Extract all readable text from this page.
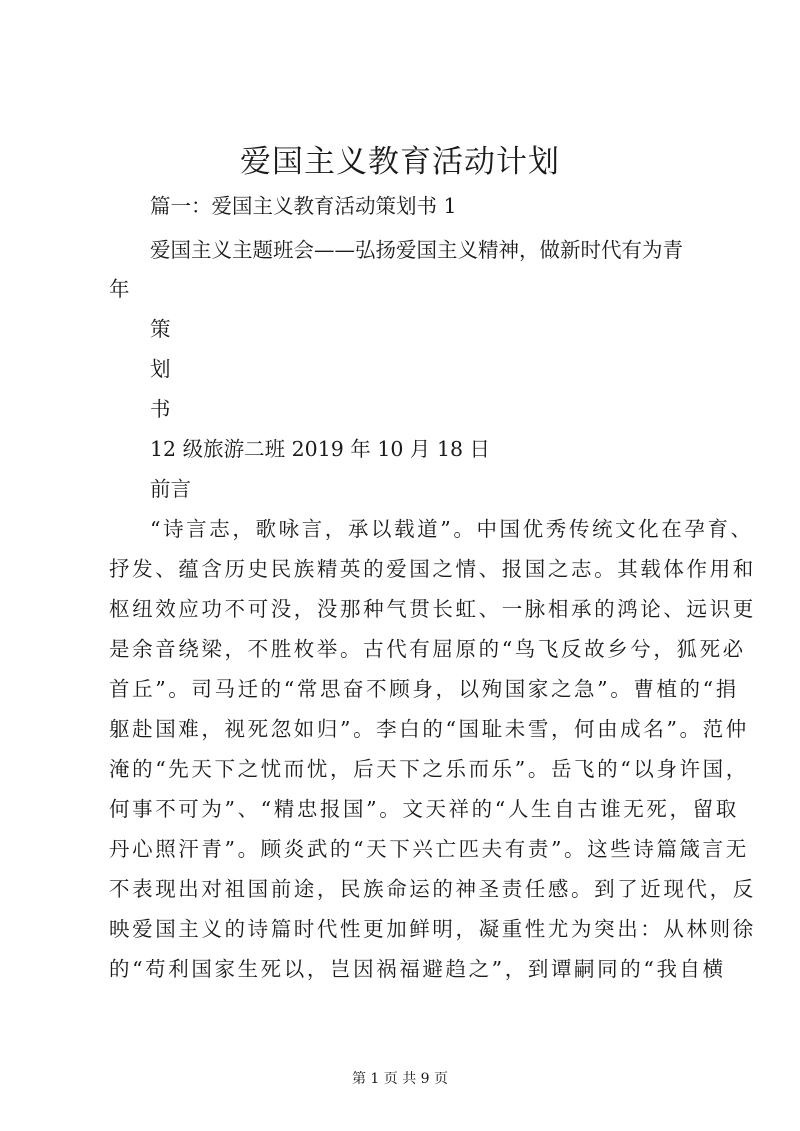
爱国主义教育活动计划

篇一：爱国主义教育活动策划书 1

爱国主义主题班会——弘扬爱国主义精神，做新时代有为青

年

策

划

书

12 级旅游二班 2019 年 10 月 18 日

前言

“诗言志，歌咏言，承以载道”。中国优秀传统文化在孕育、

抒发、蕴含历史民族精英的爱国之情、报国之志。其载体作用和

枢纽效应功不可没，没那种气贯长虹、一脉相承的鸿论、远识更

是余音绕梁，不胜枚举。古代有屈原的“鸟飞反故乡兮，狐死必

首丘”。司马迁的“常思奋不顾身，以殉国家之急”。曹植的“捐

躯赴国难，视死忽如归”。李白的“国耻未雪，何由成名”。范仲

淹的“先天下之忧而忧，后天下之乐而乐”。岳飞的“以身许国，

何事不可为”、“精忠报国”。文天祥的“人生自古谁无死，留取

丹心照汗青”。顾炎武的“天下兴亡匹夫有责”。这些诗篇箴言无

不表现出对祖国前途，民族命运的神圣责任感。到了近现代，反

映爱国主义的诗篇时代性更加鲜明，凝重性尤为突出：从林则徐

的“苟利国家生死以，岂因祸福避趋之”，到谭嗣同的“我自横

第 1 页 共 9 页
